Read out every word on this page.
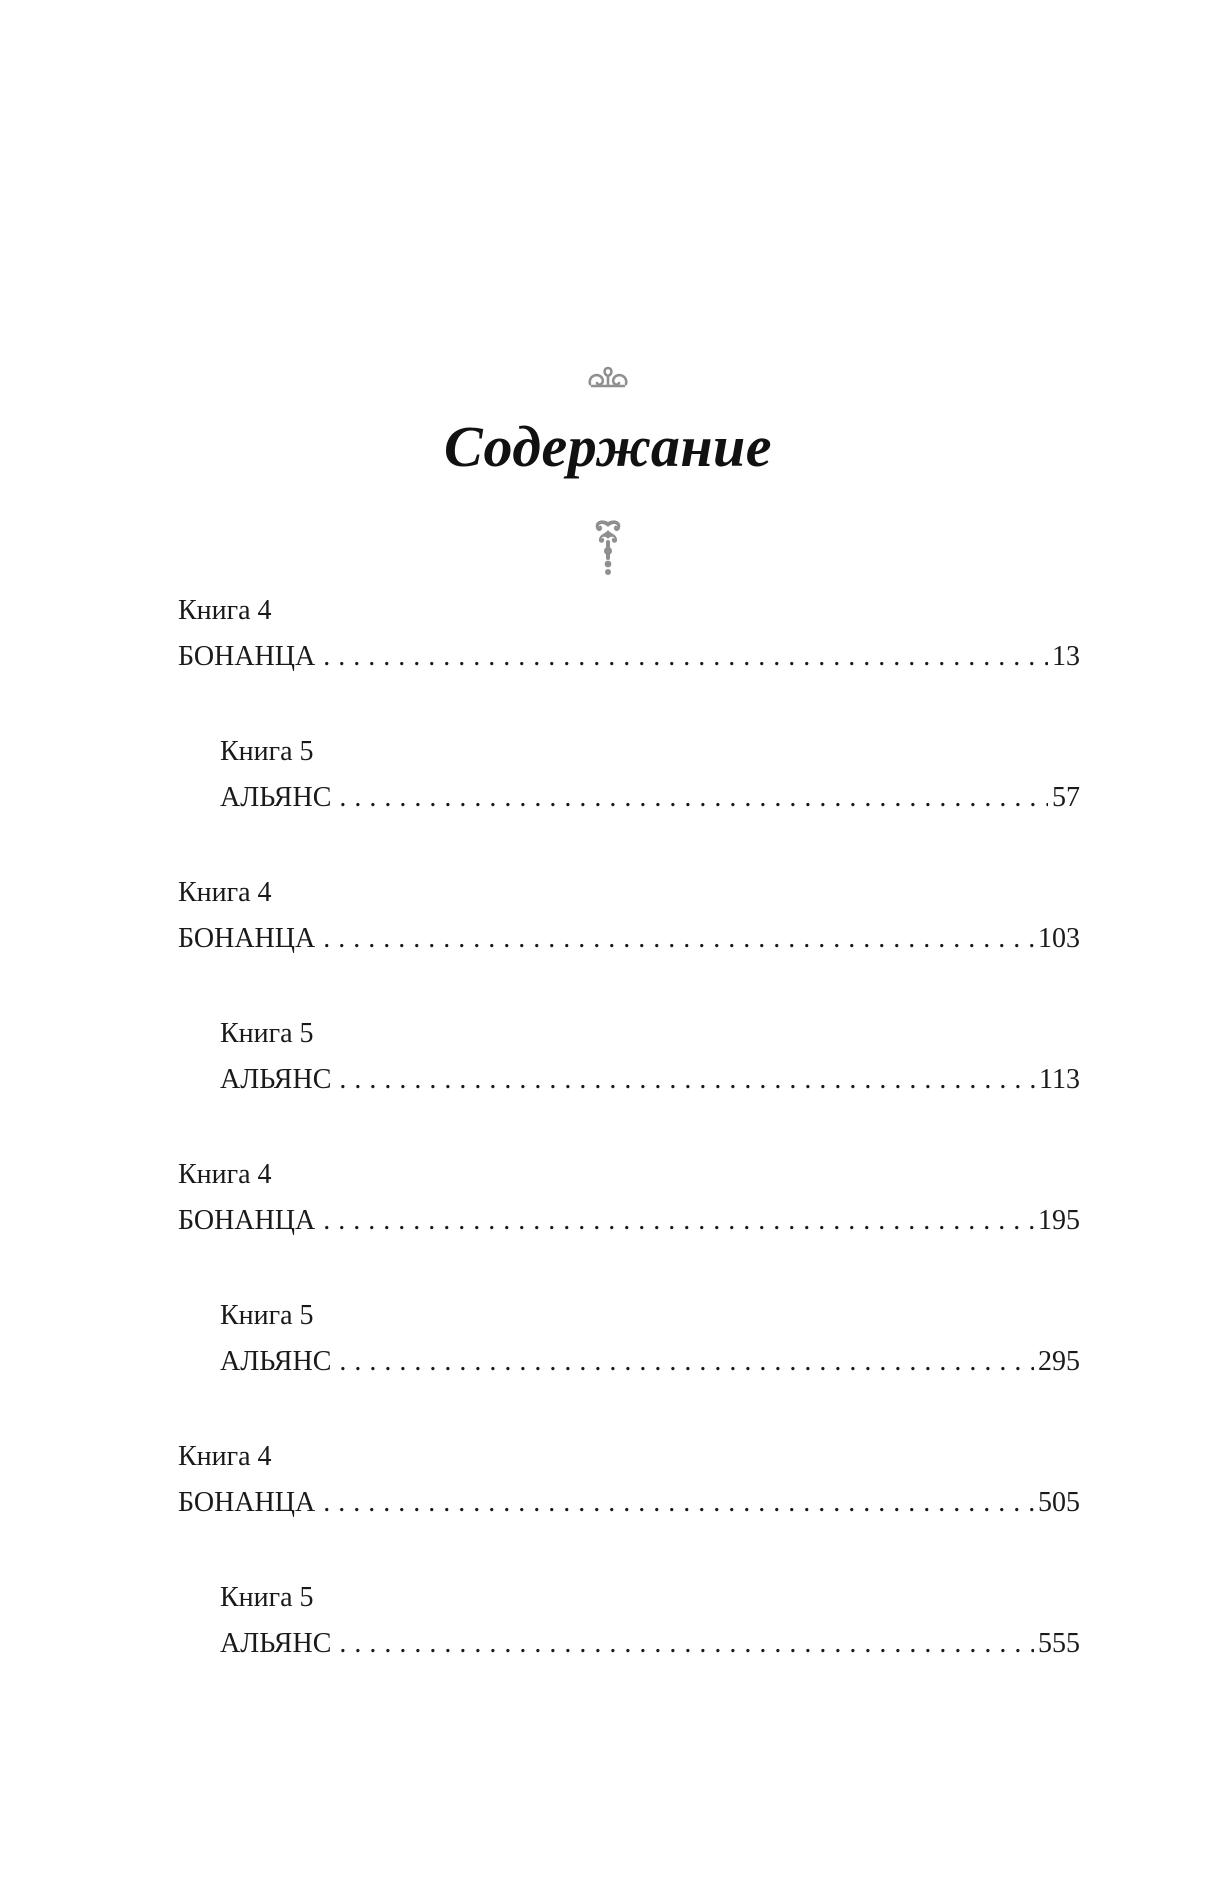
Содержание
Книга 4
БОНАНЦА . . .	13
Книга 5
АЛЬЯНС . . .	57
Книга 4
БОНАНЦА . . .	103
Книга 5
АЛЬЯНС . . .	113
Книга 4
БОНАНЦА . . .	195
Книга 5
АЛЬЯНС . . .	295
Книга 4
БОНАНЦА . . .	505
Книга 5
АЛЬЯНС . . .	555
